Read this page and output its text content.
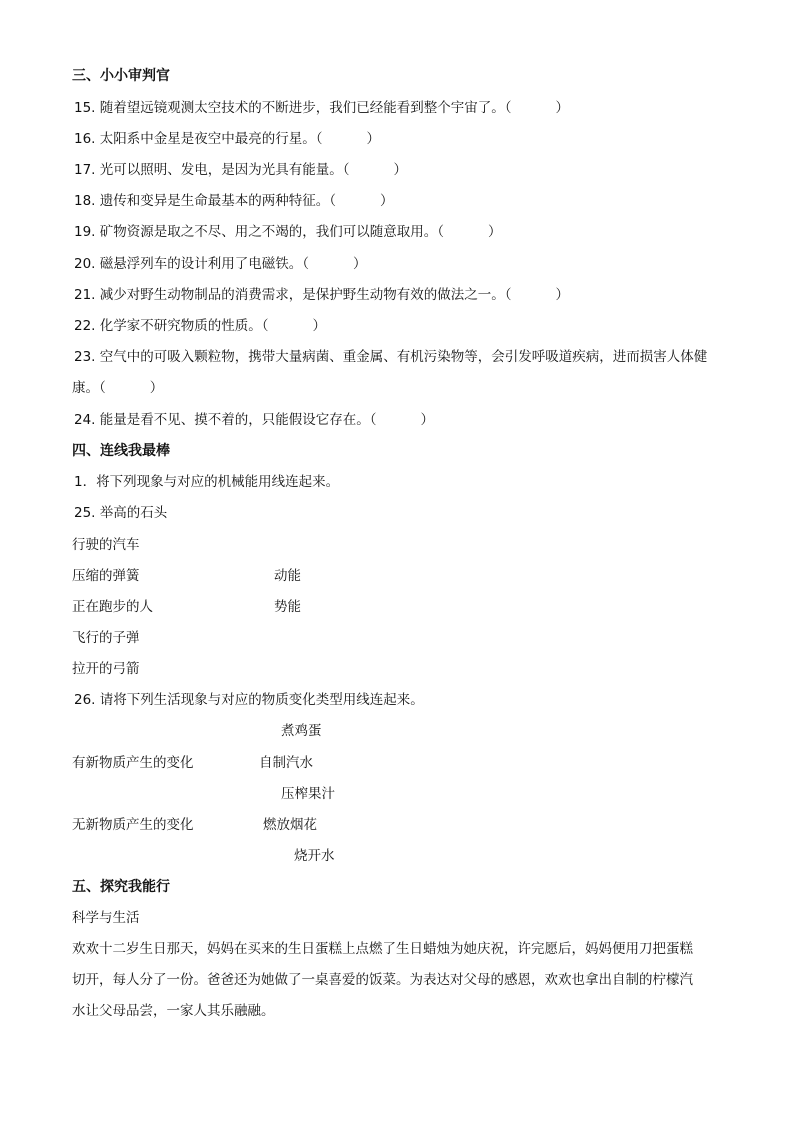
三、小小审判官
15. 随着望远镜观测太空技术的不断进步，我们已经能看到整个宇宙了。（	）
16. 太阳系中金星是夜空中最亮的行星。（	）
17. 光可以照明、发电，是因为光具有能量。（	）
18. 遗传和变异是生命最基本的两种特征。（	）
19. 矿物资源是取之不尽、用之不竭的，我们可以随意取用。（	）
20. 磁悬浮列车的设计利用了电磁铁。（	）
21. 减少对野生动物制品的消费需求，是保护野生动物有效的做法之一。（	）
22. 化学家不研究物质的性质。（	）
23. 空气中的可吸入颗粒物，携带大量病菌、重金属、有机污染物等，会引发呼吸道疾病，进而损害人体健
康。（	）
24. 能量是看不见、摸不着的，只能假设它存在。（	）
四、连线我最棒
1．将下列现象与对应的机械能用线连起来。
25. 举高的石头
行驶的汽车
压缩的弹簧	动能
正在跑步的人	势能
飞行的子弹
拉开的弓箭
26. 请将下列生活现象与对应的物质变化类型用线连起来。
煮鸡蛋
有新物质产生的变化	自制汽水
压榨果汁
无新物质产生的变化	燃放烟花
烧开水
五、探究我能行
科学与生活
欢欢十二岁生日那天，妈妈在买来的生日蛋糕上点燃了生日蜡烛为她庆祝，许完愿后，妈妈便用刀把蛋糕
切开，每人分了一份。爸爸还为她做了一桌喜爱的饭菜。为表达对父母的感恩，欢欢也拿出自制的柠檬汽
水让父母品尝，一家人其乐融融。
